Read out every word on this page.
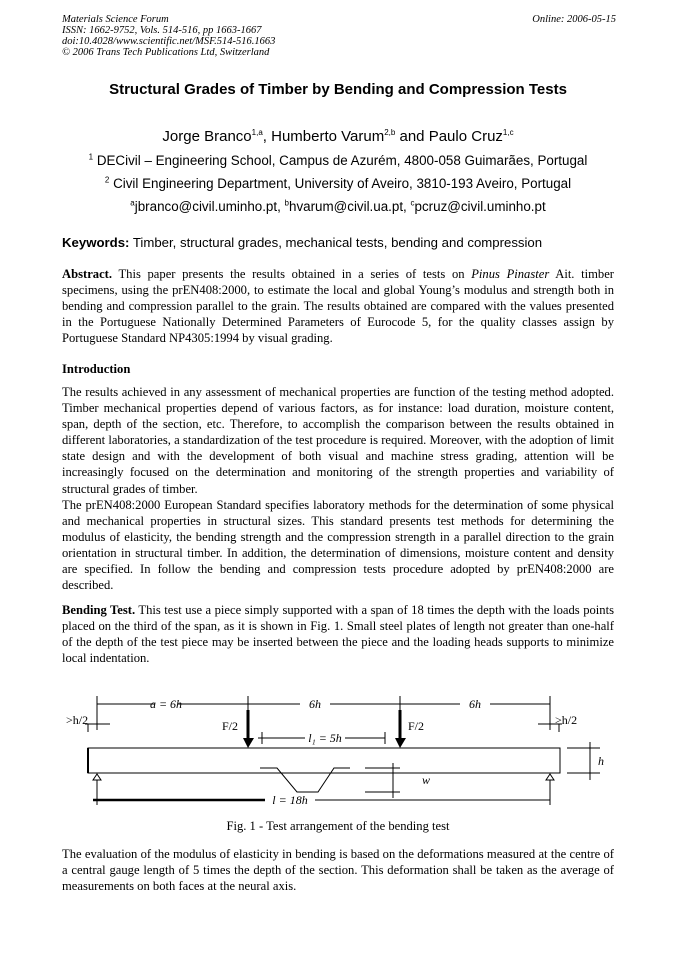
Materials Science Forum
ISSN: 1662-9752, Vols. 514-516, pp 1663-1667
doi:10.4028/www.scientific.net/MSF.514-516.1663
© 2006 Trans Tech Publications Ltd, Switzerland
Online: 2006-05-15
Structural Grades of Timber by Bending and Compression Tests
Jorge Branco$^{1,a}$, Humberto Varum$^{2,b}$ and Paulo Cruz$^{1,c}$
$^1$ DECivil – Engineering School, Campus de Azurém, 4800-058 Guimarães, Portugal
$^2$ Civil Engineering Department, University of Aveiro, 3810-193 Aveiro, Portugal
$^a$jbranco@civil.uminho.pt, $^b$hvarum@civil.ua.pt, $^c$pcruz@civil.uminho.pt
Keywords: Timber, structural grades, mechanical tests, bending and compression
Abstract. This paper presents the results obtained in a series of tests on Pinus Pinaster Ait. timber specimens, using the prEN408:2000, to estimate the local and global Young’s modulus and strength both in bending and compression parallel to the grain. The results obtained are compared with the values presented in the Portuguese Nationally Determined Parameters of Eurocode 5, for the quality classes assign by Portuguese Standard NP4305:1994 by visual grading.
Introduction
The results achieved in any assessment of mechanical properties are function of the testing method adopted. Timber mechanical properties depend of various factors, as for instance: load duration, moisture content, span, depth of the section, etc. Therefore, to accomplish the comparison between the results obtained in different laboratories, a standardization of the test procedure is required. Moreover, with the adoption of limit state design and with the development of both visual and machine stress grading, attention will be increasingly focused on the determination and monitoring of the strength properties and variability of structural grades of timber.
The prEN408:2000 European Standard specifies laboratory methods for the determination of some physical and mechanical properties in structural sizes. This standard presents test methods for determining the modulus of elasticity, the bending strength and the compression strength in a parallel direction to the grain orientation in structural timber. In addition, the determination of dimensions, moisture content and density are specified. In follow the bending and compression tests procedure adopted by prEN408:2000 are described.
Bending Test. This test use a piece simply supported with a span of 18 times the depth with the loads points placed on the third of the span, as it is shown in Fig. 1. Small steel plates of length not greater than one-half of the depth of the test piece may be inserted between the piece and the loading heads supports to minimize local indentation.
a = 6h	6h	6h
>h/2	>h/2
F/2	F/2
l₁ = 5h
l = 18h
w
h
Fig. 1 - Test arrangement of the bending test
The evaluation of the modulus of elasticity in bending is based on the deformations measured at the centre of a central gauge length of 5 times the depth of the section. This deformation shall be taken as the average of measurements on both faces at the neural axis.
